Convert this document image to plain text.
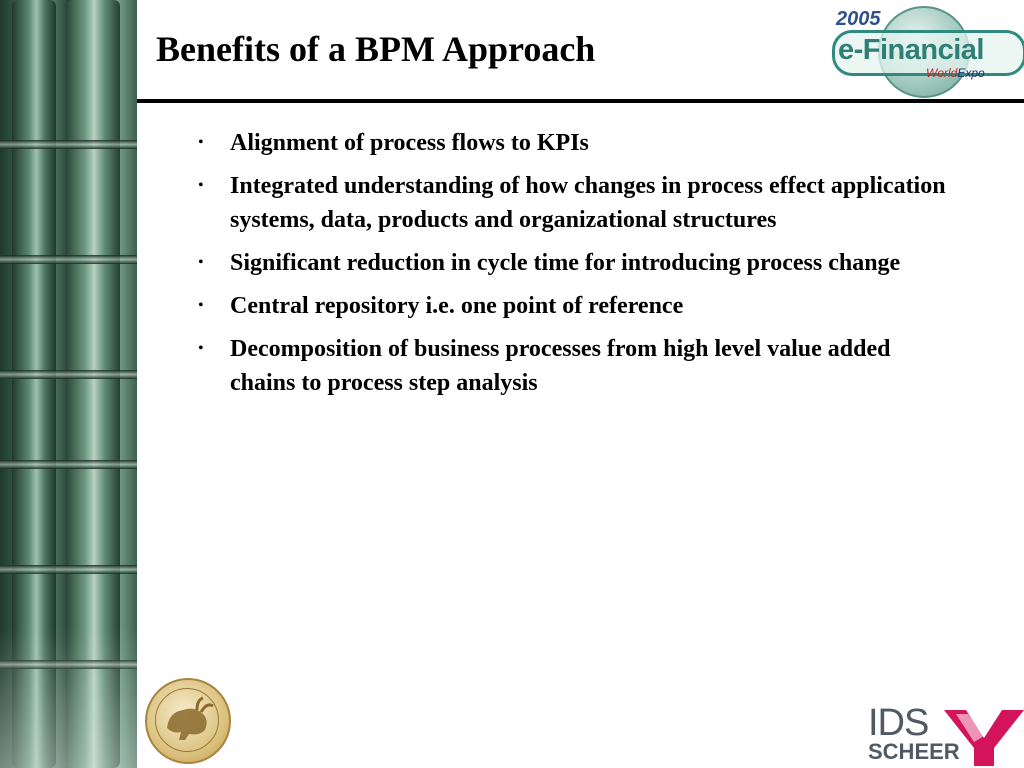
Benefits of a BPM Approach
2005
e-Financial
WorldExpo
• Alignment of process flows to KPIs
• Integrated understanding of how changes in process effect application systems, data, products and organizational structures
• Significant reduction in cycle time for introducing process change
• Central repository i.e. one point of reference
• Decomposition of business processes from high level value added chains to process step analysis
IDS
SCHEER
